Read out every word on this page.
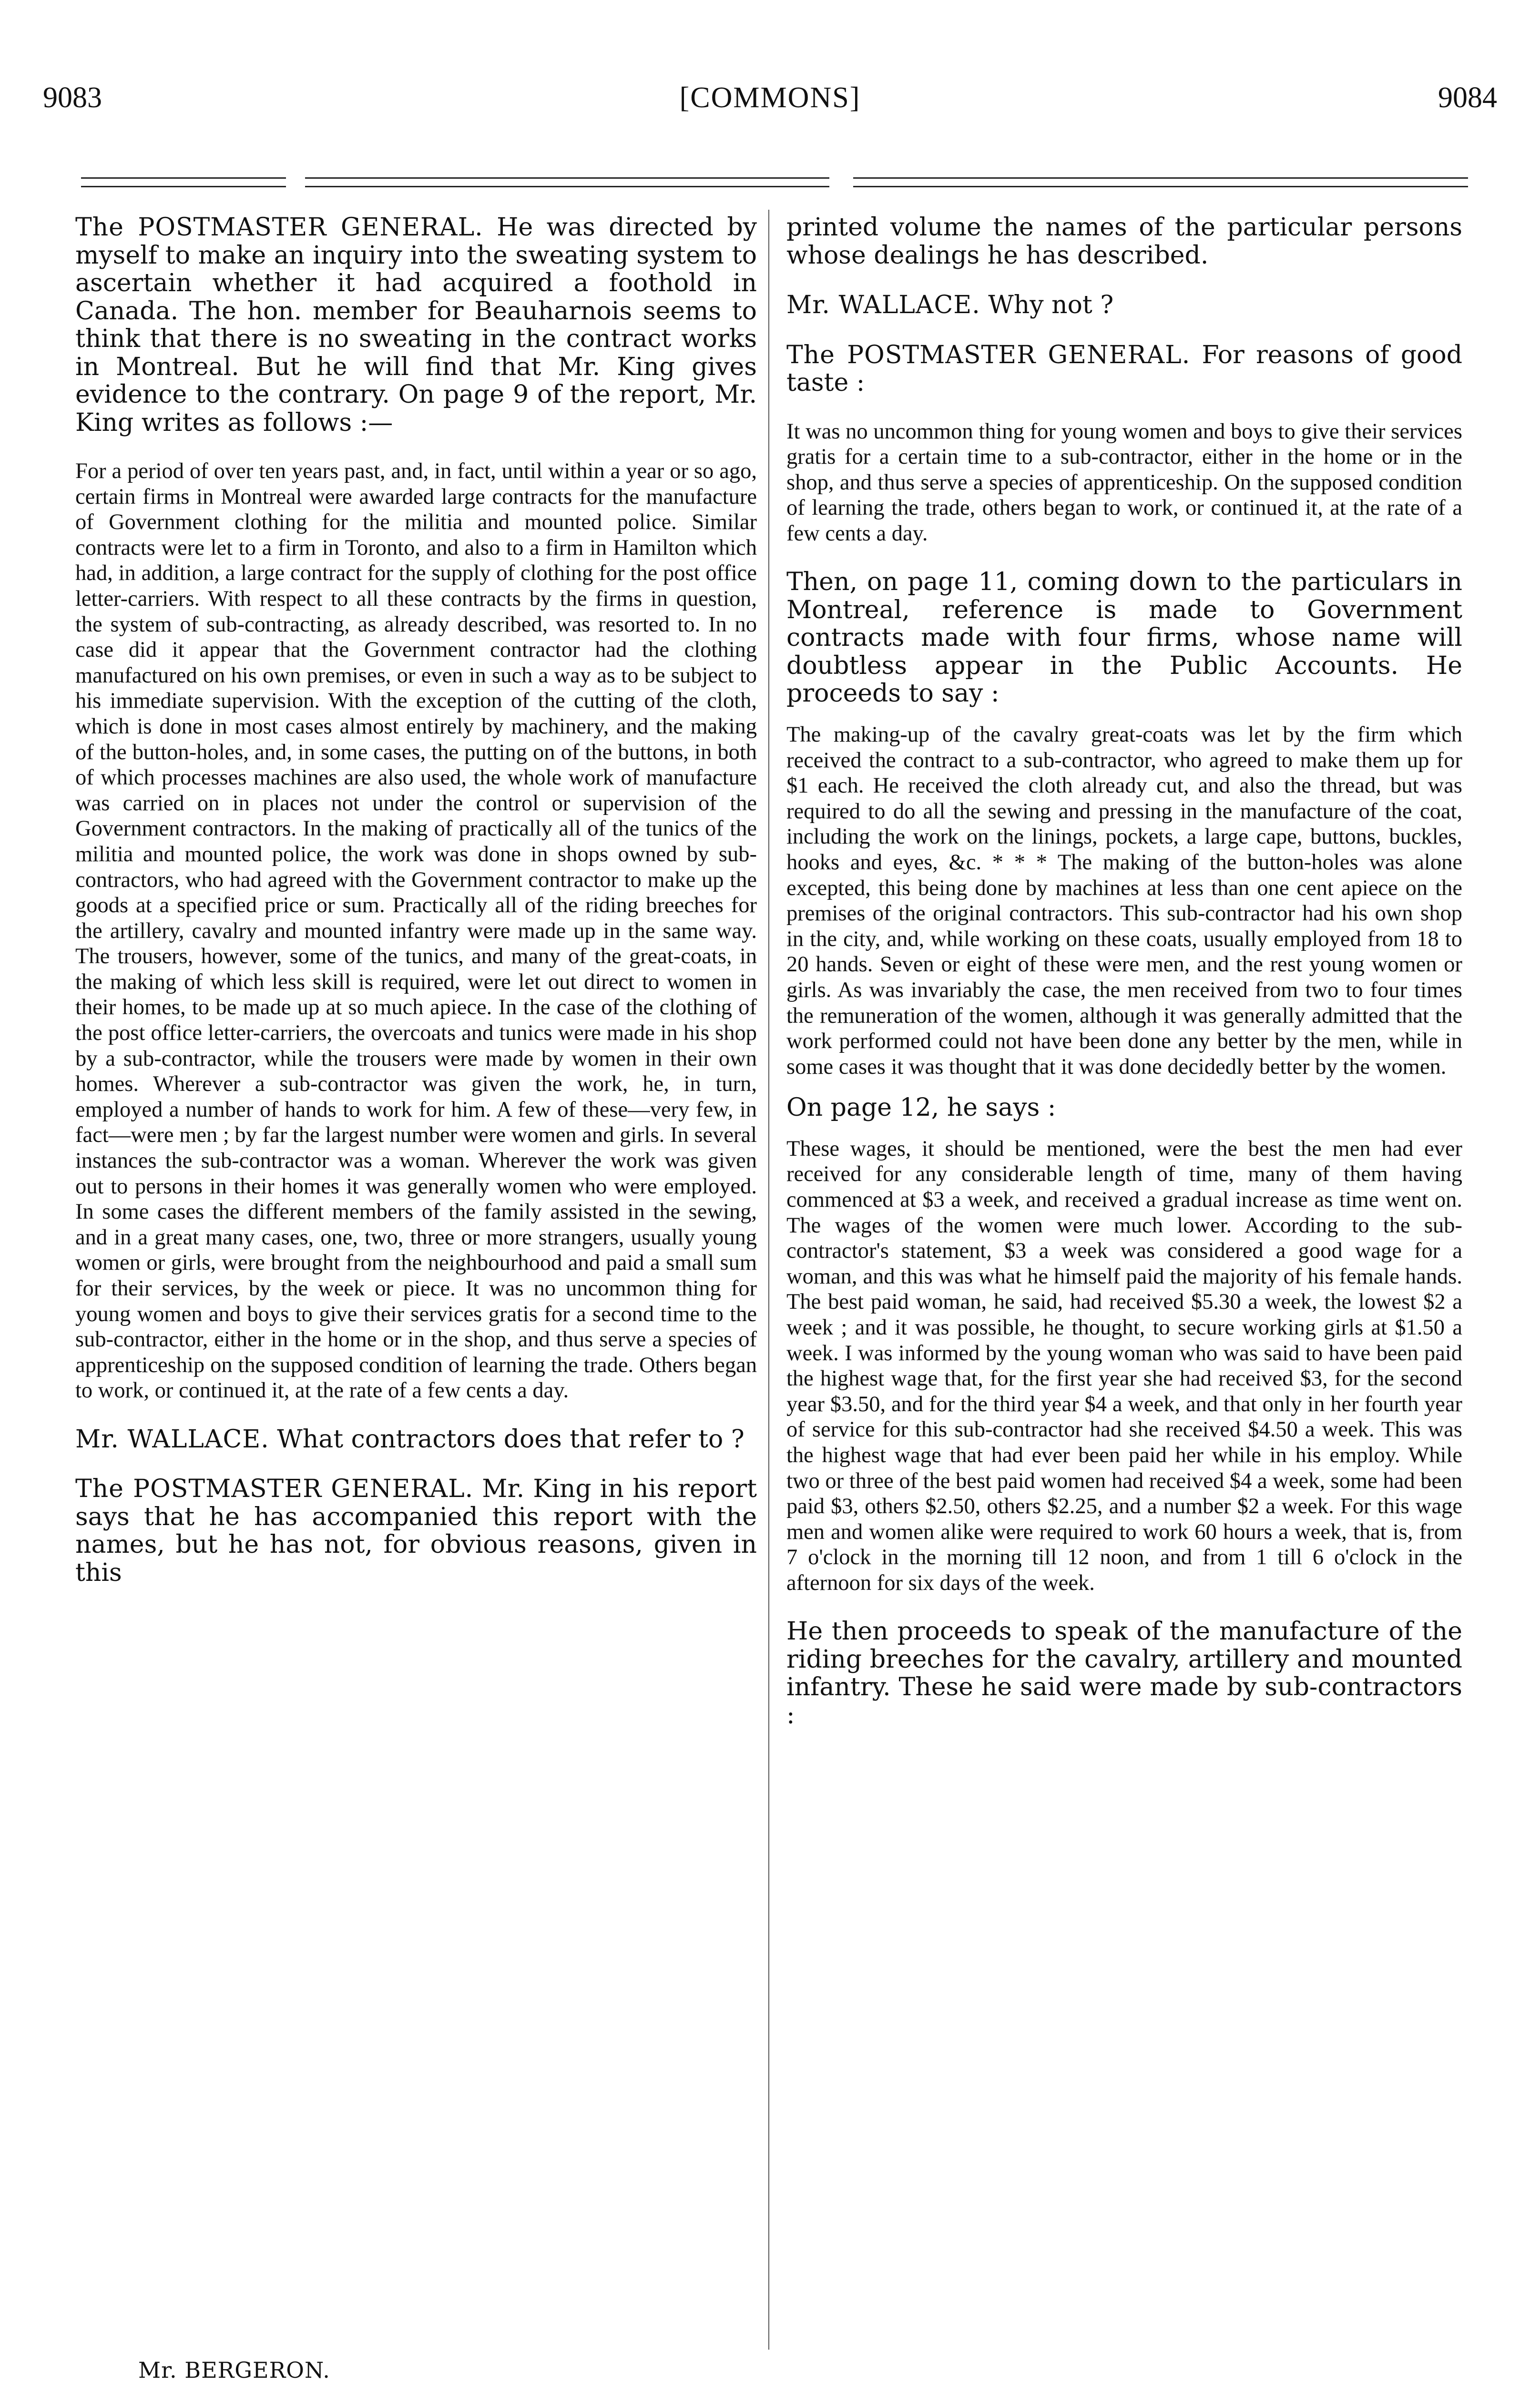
9083	[COMMONS]	9084

The POSTMASTER GENERAL. He was directed by myself to make an inquiry into the sweating system to ascertain whether it had acquired a foothold in Canada. The hon. member for Beauharnois seems to think that there is no sweating in the contract works in Montreal. But he will find that Mr. King gives evidence to the contrary. On page 9 of the report, Mr. King writes as follows :—

For a period of over ten years past, and, in fact, until within a year or so ago, certain firms in Montreal were awarded large contracts for the manufacture of Government clothing for the militia and mounted police. Similar contracts were let to a firm in Toronto, and also to a firm in Hamilton which had, in addition, a large contract for the supply of clothing for the post office letter-carriers. With respect to all these contracts by the firms in question, the system of sub-contracting, as already described, was resorted to. In no case did it appear that the Government contractor had the clothing manufactured on his own premises, or even in such a way as to be subject to his immediate supervision. With the exception of the cutting of the cloth, which is done in most cases almost entirely by machinery, and the making of the button-holes, and, in some cases, the putting on of the buttons, in both of which processes machines are also used, the whole work of manufacture was carried on in places not under the control or supervision of the Government contractors. In the making of practically all of the tunics of the militia and mounted police, the work was done in shops owned by sub-contractors, who had agreed with the Government contractor to make up the goods at a specified price or sum. Practically all of the riding breeches for the artillery, cavalry and mounted infantry were made up in the same way. The trousers, however, some of the tunics, and many of the great-coats, in the making of which less skill is required, were let out direct to women in their homes, to be made up at so much apiece. In the case of the clothing of the post office letter-carriers, the overcoats and tunics were made in his shop by a sub-contractor, while the trousers were made by women in their own homes. Wherever a sub-contractor was given the work, he, in turn, employed a number of hands to work for him. A few of these—very few, in fact—were men ; by far the largest number were women and girls. In several instances the sub-contractor was a woman. Wherever the work was given out to persons in their homes it was generally women who were employed. In some cases the different members of the family assisted in the sewing, and in a great many cases, one, two, three or more strangers, usually young women or girls, were brought from the neighbourhood and paid a small sum for their services, by the week or piece. It was no uncommon thing for young women and boys to give their services gratis for a second time to the sub-contractor, either in the home or in the shop, and thus serve a species of apprenticeship on the supposed condition of learning the trade. Others began to work, or continued it, at the rate of a few cents a day.

Mr. WALLACE. What contractors does that refer to ?

The POSTMASTER GENERAL. Mr. King in his report says that he has accompanied this report with the names, but he has not, for obvious reasons, given in this

printed volume the names of the particular persons whose dealings he has described.

Mr. WALLACE. Why not ?

The POSTMASTER GENERAL. For reasons of good taste :

It was no uncommon thing for young women and boys to give their services gratis for a certain time to a sub-contractor, either in the home or in the shop, and thus serve a species of apprenticeship. On the supposed condition of learning the trade, others began to work, or continued it, at the rate of a few cents a day.

Then, on page 11, coming down to the particulars in Montreal, reference is made to Government contracts made with four firms, whose name will doubtless appear in the Public Accounts. He proceeds to say :

The making-up of the cavalry great-coats was let by the firm which received the contract to a sub-contractor, who agreed to make them up for $1 each. He received the cloth already cut, and also the thread, but was required to do all the sewing and pressing in the manufacture of the coat, including the work on the linings, pockets, a large cape, buttons, buckles, hooks and eyes, &c. * * * The making of the button-holes was alone excepted, this being done by machines at less than one cent apiece on the premises of the original contractors. This sub-contractor had his own shop in the city, and, while working on these coats, usually employed from 18 to 20 hands. Seven or eight of these were men, and the rest young women or girls. As was invariably the case, the men received from two to four times the remuneration of the women, although it was generally admitted that the work performed could not have been done any better by the men, while in some cases it was thought that it was done decidedly better by the women.

On page 12, he says :

These wages, it should be mentioned, were the best the men had ever received for any considerable length of time, many of them having commenced at $3 a week, and received a gradual increase as time went on. The wages of the women were much lower. According to the sub-contractor's statement, $3 a week was considered a good wage for a woman, and this was what he himself paid the majority of his female hands. The best paid woman, he said, had received $5.30 a week, the lowest $2 a week ; and it was possible, he thought, to secure working girls at $1.50 a week. I was informed by the young woman who was said to have been paid the highest wage that, for the first year she had received $3, for the second year $3.50, and for the third year $4 a week, and that only in her fourth year of service for this sub-contractor had she received $4.50 a week. This was the highest wage that had ever been paid her while in his employ. While two or three of the best paid women had received $4 a week, some had been paid $3, others $2.50, others $2.25, and a number $2 a week. For this wage men and women alike were required to work 60 hours a week, that is, from 7 o'clock in the morning till 12 noon, and from 1 till 6 o'clock in the afternoon for six days of the week.

He then proceeds to speak of the manufacture of the riding breeches for the cavalry, artillery and mounted infantry. These he said were made by sub-contractors :

Mr. BERGERON.
